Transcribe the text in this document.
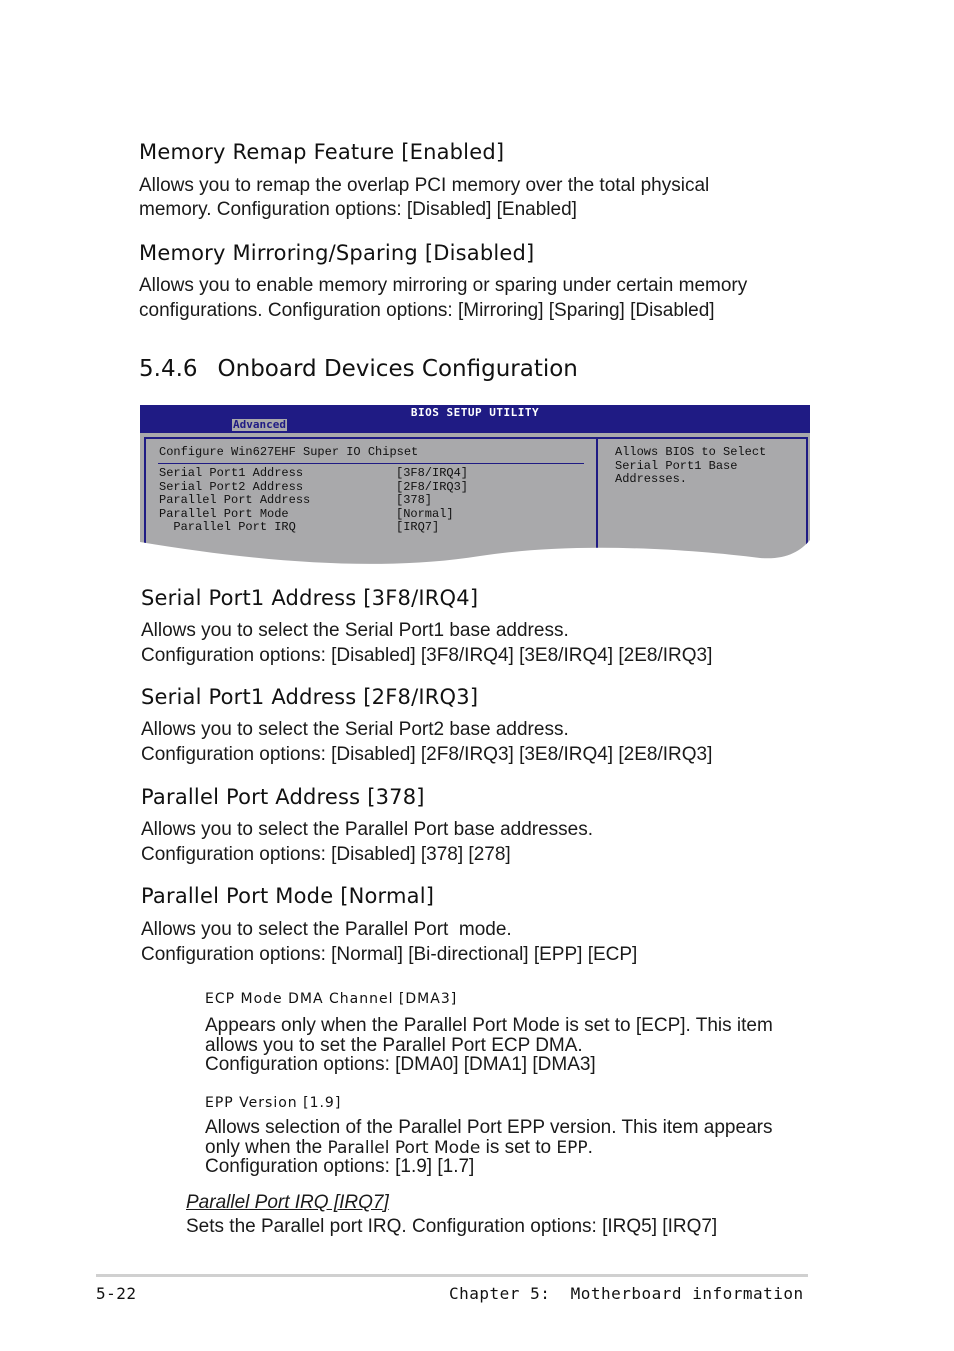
Memory Remap Feature [Enabled]
Allows you to remap the overlap PCI memory over the total physical
memory. Configuration options: [Disabled] [Enabled]
Memory Mirroring/Sparing [Disabled]
Allows you to enable memory mirroring or sparing under certain memory
configurations. Configuration options: [Mirroring] [Sparing] [Disabled]
5.4.6 Onboard Devices Configuration
BIOS SETUP UTILITY
Advanced
Configure Win627EHF Super IO Chipset
Serial Port1 Address	[3F8/IRQ4]
Serial Port2 Address	[2F8/IRQ3]
Parallel Port Address	[378]
Parallel Port Mode	[Normal]
Parallel Port IRQ	[IRQ7]
Allows BIOS to Select
Serial Port1 Base
Addresses.
Serial Port1 Address [3F8/IRQ4]
Allows you to select the Serial Port1 base address.
Configuration options: [Disabled] [3F8/IRQ4] [3E8/IRQ4] [2E8/IRQ3]
Serial Port1 Address [2F8/IRQ3]
Allows you to select the Serial Port2 base address.
Configuration options: [Disabled] [2F8/IRQ3] [3E8/IRQ4] [2E8/IRQ3]
Parallel Port Address [378]
Allows you to select the Parallel Port base addresses.
Configuration options: [Disabled] [378] [278]
Parallel Port Mode [Normal]
Allows you to select the Parallel Port  mode.
Configuration options: [Normal] [Bi-directional] [EPP] [ECP]
ECP Mode DMA Channel [DMA3]
Appears only when the Parallel Port Mode is set to [ECP]. This item
allows you to set the Parallel Port ECP DMA.
Configuration options: [DMA0] [DMA1] [DMA3]
EPP Version [1.9]
Allows selection of the Parallel Port EPP version. This item appears
only when the Parallel Port Mode is set to EPP.
Configuration options: [1.9] [1.7]
Parallel Port IRQ [IRQ7]
Sets the Parallel port IRQ. Configuration options: [IRQ5] [IRQ7]
5-22	Chapter 5:  Motherboard information
